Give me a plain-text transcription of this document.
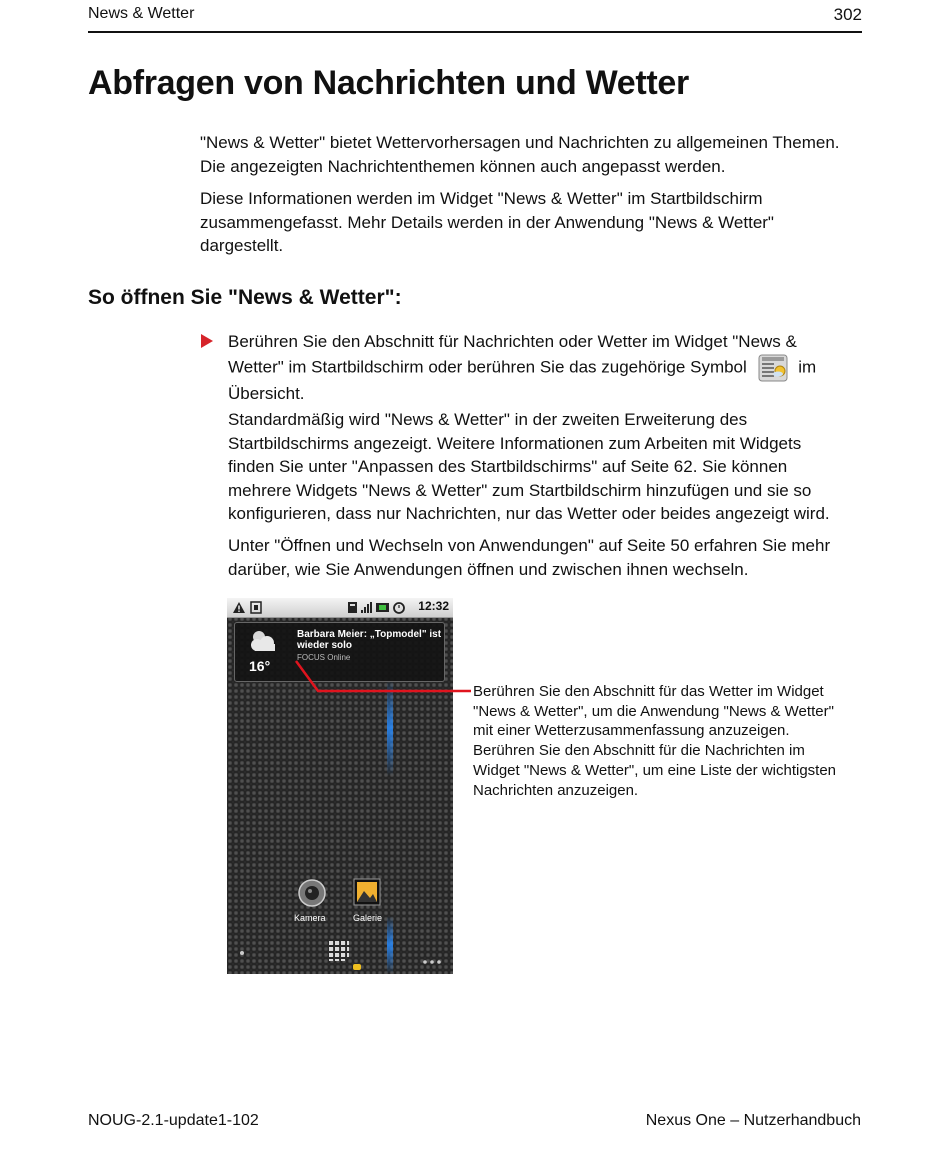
News & Wetter	302
Abfragen von Nachrichten und Wetter

"News & Wetter" bietet Wettervorhersagen und Nachrichten zu allgemeinen Themen. Die angezeigten Nachrichtenthemen können auch angepasst werden.

Diese Informationen werden im Widget "News & Wetter" im Startbildschirm zusammengefasst. Mehr Details werden in der Anwendung "News & Wetter" dargestellt.

So öffnen Sie "News & Wetter":

Berühren Sie den Abschnitt für Nachrichten oder Wetter im Widget "News & Wetter" im Startbildschirm oder berühren Sie das zugehörige Symbol	im Übersicht.

Standardmäßig wird "News & Wetter" in der zweiten Erweiterung des Startbildschirms angezeigt. Weitere Informationen zum Arbeiten mit Widgets finden Sie unter "Anpassen des Startbildschirms" auf Seite 62. Sie können mehrere Widgets "News & Wetter" zum Startbildschirm hinzufügen und sie so konfigurieren, dass nur Nachrichten, nur das Wetter oder beides angezeigt wird.

Unter "Öffnen und Wechseln von Anwendungen" auf Seite 50 erfahren Sie mehr darüber, wie Sie Anwendungen öffnen und zwischen ihnen wechseln.

12:32
16°
Barbara Meier: „Topmodel" ist wieder solo
FOCUS Online
Kamera	Galerie
Berühren Sie den Abschnitt für das Wetter im Widget "News & Wetter", um die Anwendung "News & Wetter" mit einer Wetterzusammenfassung anzuzeigen. Berühren Sie den Abschnitt für die Nachrichten im Widget "News & Wetter", um eine Liste der wichtigsten Nachrichten anzuzeigen.
NOUG-2.1-update1-102	Nexus One – Nutzerhandbuch
